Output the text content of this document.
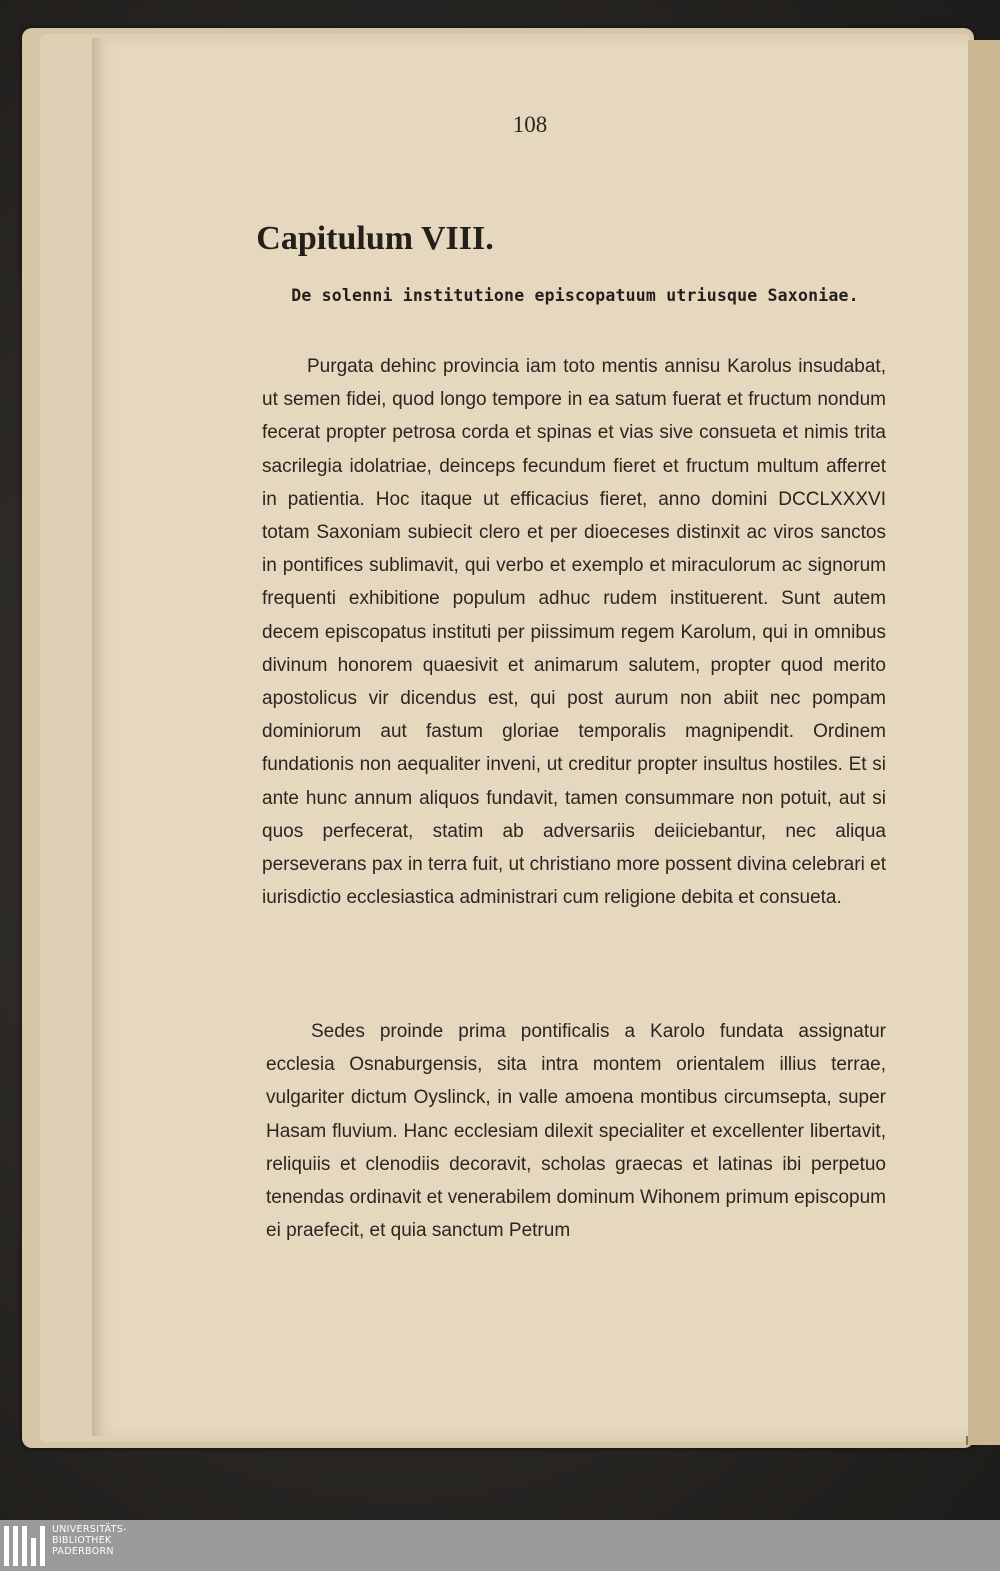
108
Capitulum VIII.
De solenni institutione episcopatuum utriusque Saxoniae.

Purgata dehinc provincia iam toto mentis annisu Karolus insudabat, ut semen fidei, quod longo tempore in ea satum fuerat et fructum nondum fecerat propter petrosa corda et spinas et vias sive consueta et nimis trita sacrilegia idolatriae, deinceps fecundum fieret et fructum multum afferret in patientia. Hoc itaque ut efficacius fieret, anno domini DCCLXXXVI totam Saxoniam subiecit clero et per dioeceses distinxit ac viros sanctos in pontifices sublimavit, qui verbo et exemplo et miraculorum ac signorum frequenti exhibitione populum adhuc rudem instituerent. Sunt autem decem episcopatus instituti per piissimum regem Karolum, qui in omnibus divinum honorem quaesivit et animarum salutem, propter quod merito apostolicus vir dicendus est, qui post aurum non abiit nec pompam dominiorum aut fastum gloriae temporalis magnipendit. Ordinem fundationis non aequaliter inveni, ut creditur propter insultus hostiles. Et si ante hunc annum aliquos fundavit, tamen consummare non potuit, aut si quos perfecerat, statim ab adversariis deiiciebantur, nec aliqua perseverans pax in terra fuit, ut christiano more possent divina celebrari et iurisdictio ecclesiastica administrari cum religione debita et consueta.

Sedes proinde prima pontificalis a Karolo fundata assignatur ecclesia Osnaburgensis, sita intra montem orientalem illius terrae, vulgariter dictum Oyslinck, in valle amoena montibus circumsepta, super Hasam fluvium. Hanc ecclesiam dilexit specialiter et excellenter libertavit, reliquiis et clenodiis decoravit, scholas graecas et latinas ibi perpetuo tenendas ordinavit et venerabilem dominum Wihonem primum episcopum ei praefecit, et quia sanctum Petrum

UNIVERSITÄTS-
BIBLIOTHEK
PADERBORN
